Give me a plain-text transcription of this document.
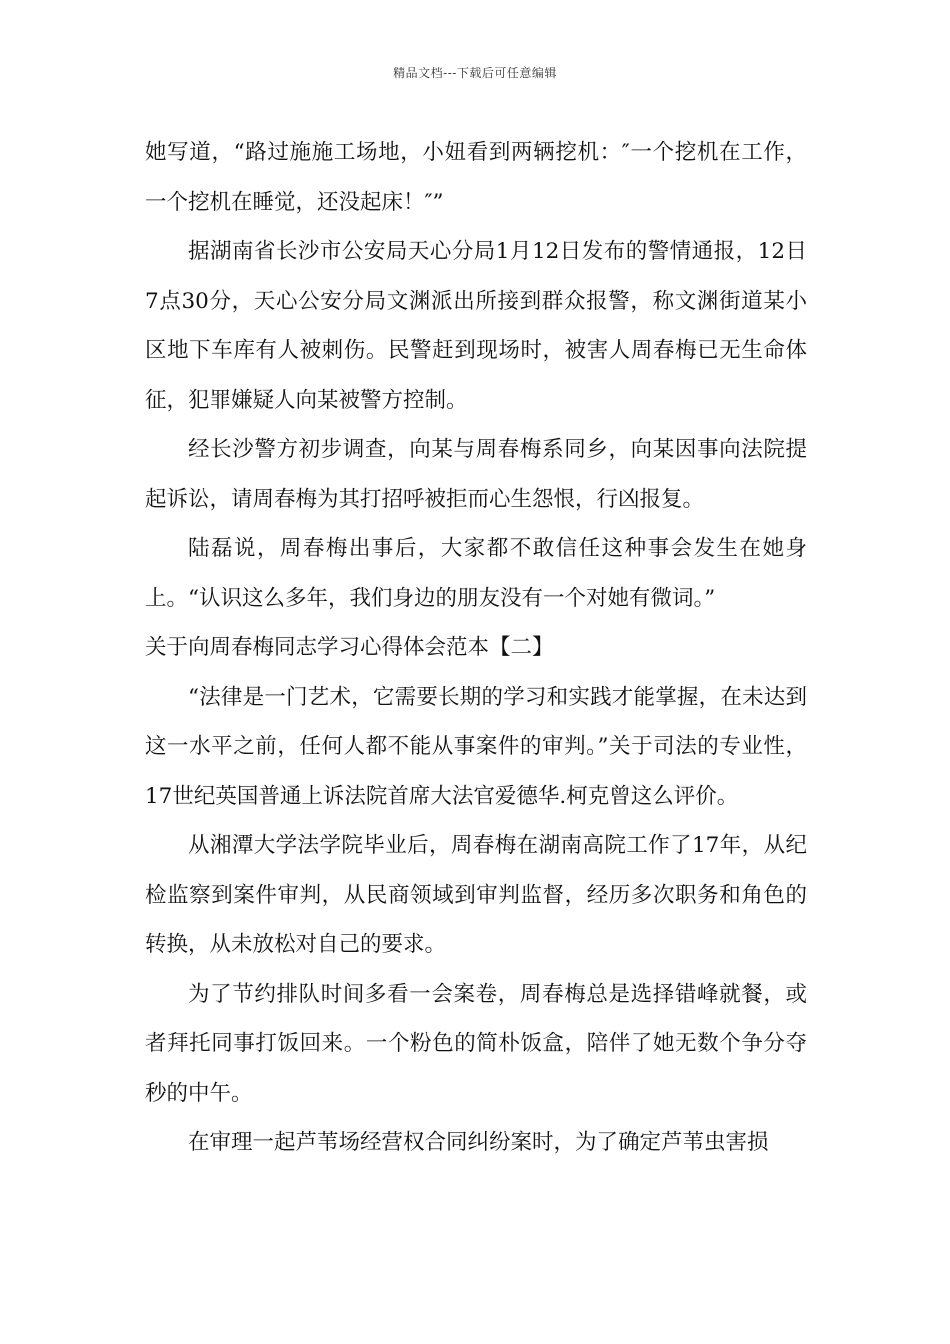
精品文档---下载后可任意编辑

她写道，“路过施施工场地，小妞看到两辆挖机：″一个挖机在工作，一个挖机在睡觉，还没起床！″”

据湖南省长沙市公安局天心分局1月12日发布的警情通报，12日7点30分，天心公安分局文渊派出所接到群众报警，称文渊街道某小区地下车库有人被刺伤。民警赶到现场时，被害人周春梅已无生命体征，犯罪嫌疑人向某被警方控制。

经长沙警方初步调查，向某与周春梅系同乡，向某因事向法院提起诉讼，请周春梅为其打招呼被拒而心生怨恨，行凶报复。

陆磊说，周春梅出事后，大家都不敢信任这种事会发生在她身上。“认识这么多年，我们身边的朋友没有一个对她有微词。”

关于向周春梅同志学习心得体会范本【二】

“法律是一门艺术，它需要长期的学习和实践才能掌握，在未达到这一水平之前，任何人都不能从事案件的审判。”关于司法的专业性，17世纪英国普通上诉法院首席大法官爱德华.柯克曾这么评价。

从湘潭大学法学院毕业后，周春梅在湖南高院工作了17年，从纪检监察到案件审判，从民商领域到审判监督，经历多次职务和角色的转换，从未放松对自己的要求。

为了节约排队时间多看一会案卷，周春梅总是选择错峰就餐，或者拜托同事打饭回来。一个粉色的简朴饭盒，陪伴了她无数个争分夺秒的中午。

在审理一起芦苇场经营权合同纠纷案时，为了确定芦苇虫害损
